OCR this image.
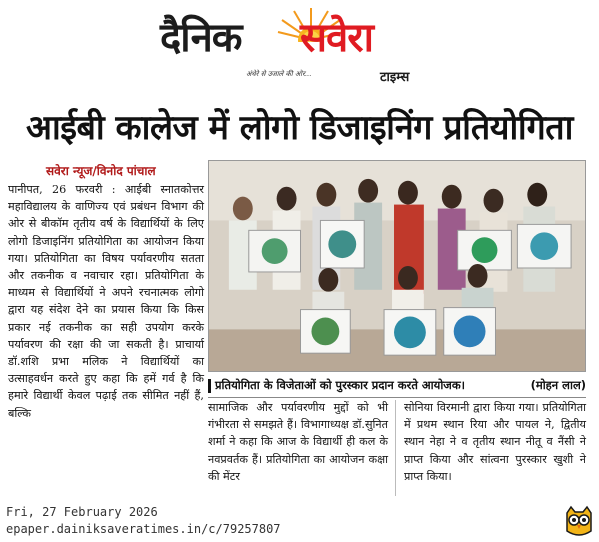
दैनिक सवेरा
अंधेरे से उजाले की ओर...	टाइम्स
आईबी कालेज में लोगो डिजाइनिंग प्रतियोगिता
सवेरा न्यूज/विनोद पांचाल

पानीपत, 26 फरवरी : आईबी स्नातकोत्तर महाविद्यालय के वाणिज्य एवं प्रबंधन विभाग की ओर से बीकॉम तृतीय वर्ष के विद्यार्थियों के लिए लोगो डिजाइनिंग प्रतियोगिता का आयोजन किया गया। प्रतियोगिता का विषय पर्यावरणीय सतता और तकनीक व नवाचार रहा। प्रतियोगिता के माध्यम से विद्यार्थियों ने अपने रचनात्मक लोगो द्वारा यह संदेश देने का प्रयास किया कि किस प्रकार नई तकनीक का सही उपयोग करके पर्यावरण की रक्षा की जा सकती है। प्राचार्या डॉ.शशि प्रभा मलिक ने विद्यार्थियों का उत्साहवर्धन करते हुए कहा कि हमें गर्व है कि हमारे विद्यार्थी केवल पढ़ाई तक सीमित नहीं हैं, बल्कि

प्रतियोगिता के विजेताओं को पुरस्कार प्रदान करते आयोजक।	(मोहन लाल)

सामाजिक और पर्यावरणीय मुद्दों को भी गंभीरता से समझते हैं। विभागाध्यक्ष डॉ.सुनित शर्मा ने कहा कि आज के विद्यार्थी ही कल के नवप्रवर्तक हैं। प्रतियोगिता का आयोजन कक्षा की मेंटर

सोनिया विरमानी द्वारा किया गया। प्रतियोगिता में प्रथम स्थान रिया और पायल ने, द्वितीय स्थान नेहा ने व तृतीय स्थान नीतू व नैंसी ने प्राप्त किया और सांत्वना पुरस्कार खुशी ने प्राप्त किया।

Fri, 27 February 2026
epaper.dainiksaveratimes.in/c/79257807
